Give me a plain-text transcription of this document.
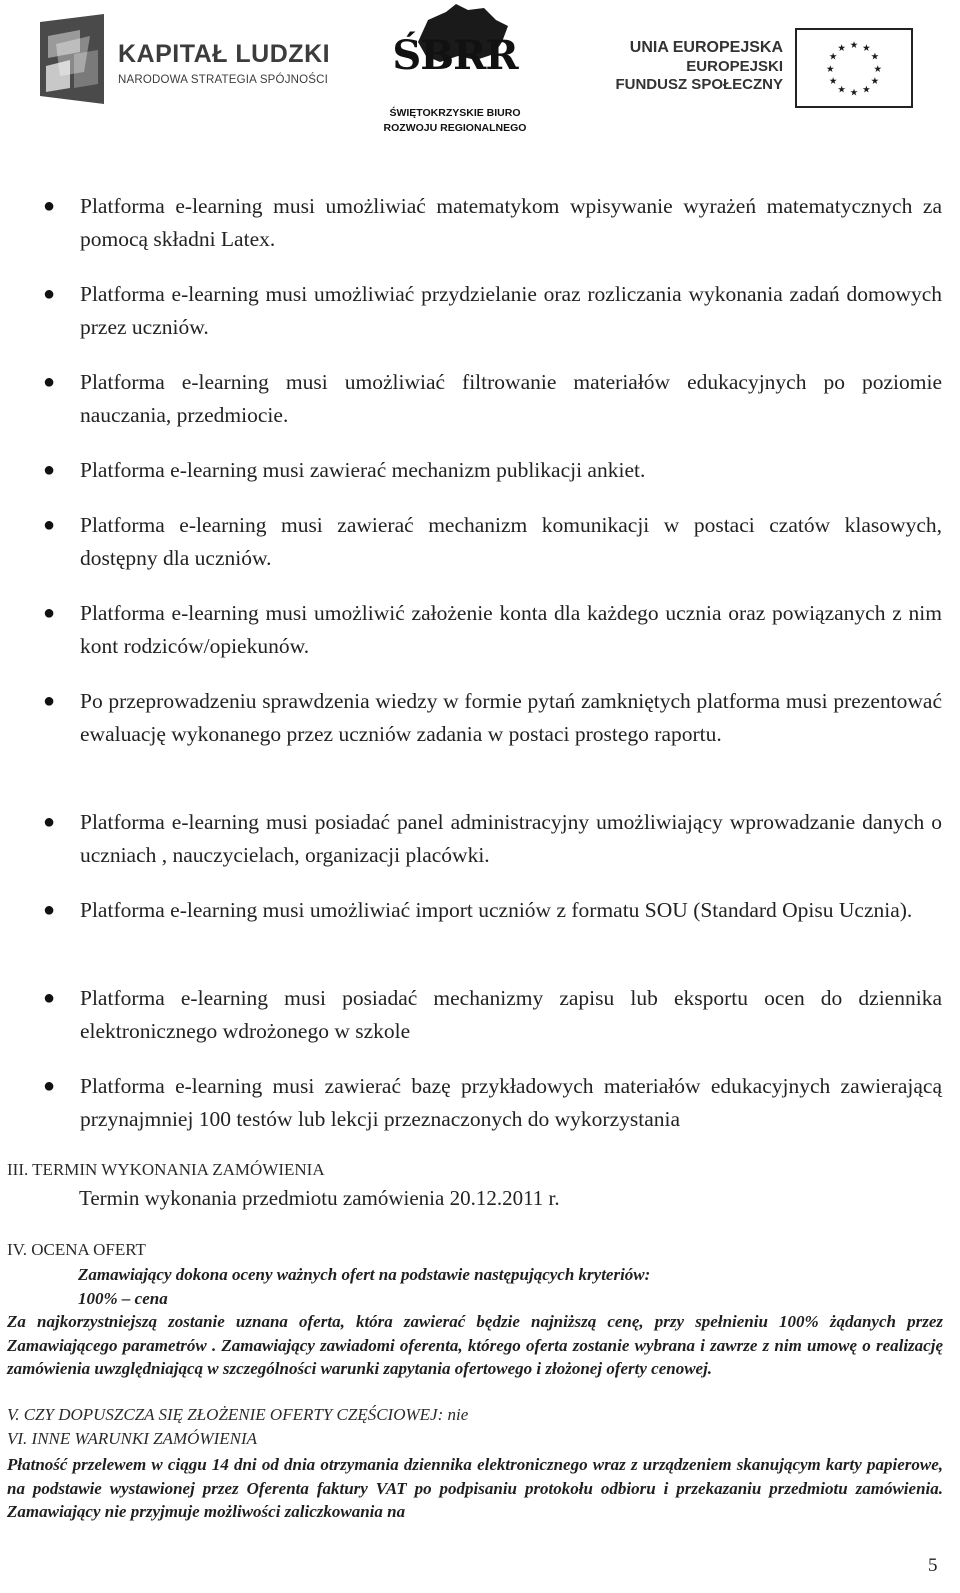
KAPITAŁ LUDZKI
NARODOWA STRATEGIA SPÓJNOŚCI
ŚBRR
ŚWIĘTOKRZYSKIE BIURO
ROZWOJU REGIONALNEGO
UNIA EUROPEJSKA
EUROPEJSKI
FUNDUSZ SPOŁECZNY
★ ★
★
★
★
★
★
★
★
★
★
★
● Platforma e-learning musi umożliwiać matematykom wpisywanie wyrażeń matematycznych za pomocą składni Latex.
● Platforma e-learning musi umożliwiać przydzielanie oraz rozliczania wykonania zadań domowych przez uczniów.
● Platforma e-learning musi umożliwiać filtrowanie materiałów edukacyjnych po poziomie nauczania, przedmiocie.
● Platforma e-learning musi zawierać mechanizm publikacji ankiet.
● Platforma e-learning musi zawierać mechanizm komunikacji w postaci czatów klasowych, dostępny dla uczniów.
● Platforma e-learning musi umożliwić założenie konta dla każdego ucznia oraz powiązanych z nim kont rodziców/opiekunów.
● Po przeprowadzeniu sprawdzenia wiedzy w formie pytań zamkniętych platforma musi prezentować ewaluację wykonanego przez uczniów zadania w postaci prostego raportu.
● Platforma e-learning musi posiadać panel administracyjny umożliwiający wprowadzanie danych o uczniach , nauczycielach, organizacji placówki.
● Platforma e-learning musi umożliwiać import uczniów z formatu SOU (Standard Opisu Ucznia).
● Platforma e-learning musi posiadać mechanizmy zapisu lub eksportu ocen do dziennika elektronicznego wdrożonego w szkole
● Platforma e-learning musi zawierać bazę przykładowych materiałów edukacyjnych zawierającą przynajmniej 100 testów lub lekcji przeznaczonych do wykorzystania
III. TERMIN WYKONANIA ZAMÓWIENIA
Termin wykonania przedmiotu zamówienia 20.12.2011 r.
IV. OCENA OFERT
Zamawiający dokona oceny ważnych ofert na podstawie następujących kryteriów:
100% – cena
Za najkorzystniejszą zostanie uznana oferta, która zawierać będzie najniższą cenę, przy spełnieniu 100% żądanych przez Zamawiającego parametrów . Zamawiający zawiadomi oferenta, którego oferta zostanie wybrana i zawrze z nim umowę o realizację zamówienia uwzględniającą w szczególności warunki zapytania ofertowego i złożonej oferty cenowej.
V. CZY DOPUSZCZA SIĘ ZŁOŻENIE OFERTY CZĘŚCIOWEJ: nie
VI. INNE WARUNKI ZAMÓWIENIA
Płatność przelewem w ciągu 14 dni od dnia otrzymania dziennika elektronicznego wraz z urządzeniem skanującym karty papierowe, na podstawie wystawionej przez Oferenta faktury VAT po podpisaniu protokołu odbioru i przekazaniu przedmiotu zamówienia. Zamawiający nie przyjmuje możliwości zaliczkowania na
5
